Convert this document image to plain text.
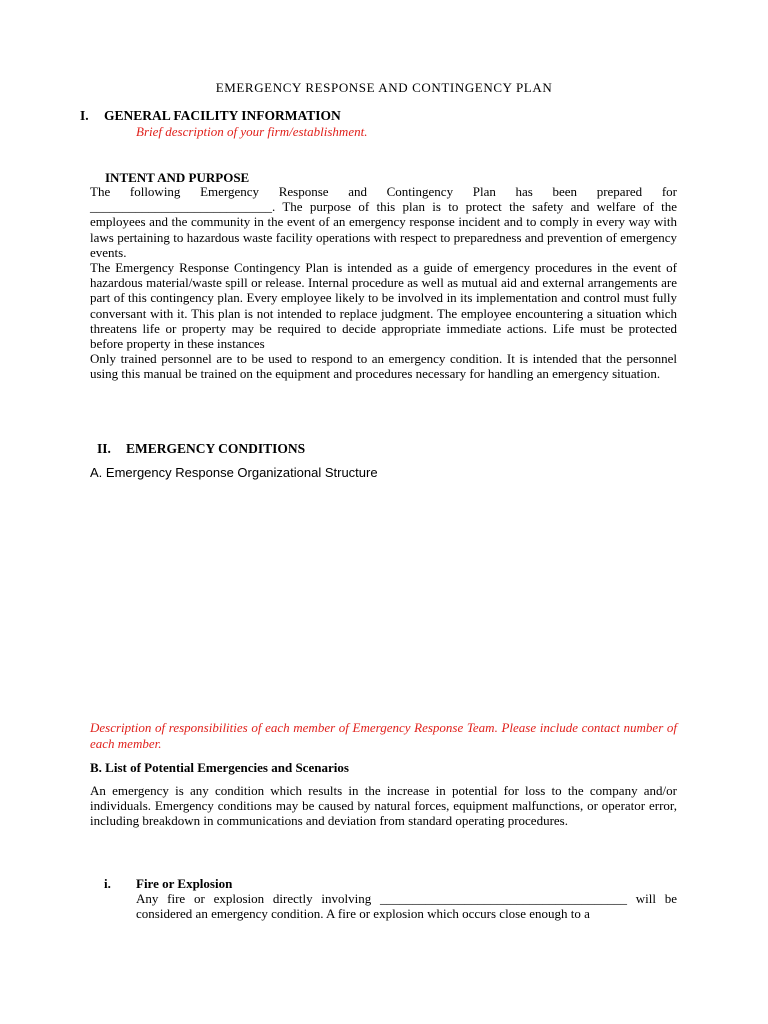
EMERGENCY RESPONSE AND CONTINGENCY PLAN
I. GENERAL FACILITY INFORMATION
Brief description of your firm/establishment.
INTENT AND PURPOSE

The following Emergency Response and Contingency Plan has been prepared for ____________________________. The purpose of this plan is to protect the safety and welfare of the employees and the community in the event of an emergency response incident and to comply in every way with laws pertaining to hazardous waste facility operations with respect to preparedness and prevention of emergency events.

The Emergency Response Contingency Plan is intended as a guide of emergency procedures in the event of hazardous material/waste spill or release. Internal procedure as well as mutual aid and external arrangements are part of this contingency plan. Every employee likely to be involved in its implementation and control must fully conversant with it. This plan is not intended to replace judgment. The employee encountering a situation which threatens life or property may be required to decide appropriate immediate actions. Life must be protected before property in these instances

Only trained personnel are to be used to respond to an emergency condition. It is intended that the personnel using this manual be trained on the equipment and procedures necessary for handling an emergency situation.

II. EMERGENCY CONDITIONS
A. Emergency Response Organizational Structure
Description of responsibilities of each member of Emergency Response Team. Please include contact number of each member.
B. List of Potential Emergencies and Scenarios
An emergency is any condition which results in the increase in potential for loss to the company and/or individuals. Emergency conditions may be caused by natural forces, equipment malfunctions, or operator error, including breakdown in communications and deviation from standard operating procedures.
i. Fire or Explosion
Any fire or explosion directly involving ______________________________________ will be considered an emergency condition. A fire or explosion which occurs close enough to a
